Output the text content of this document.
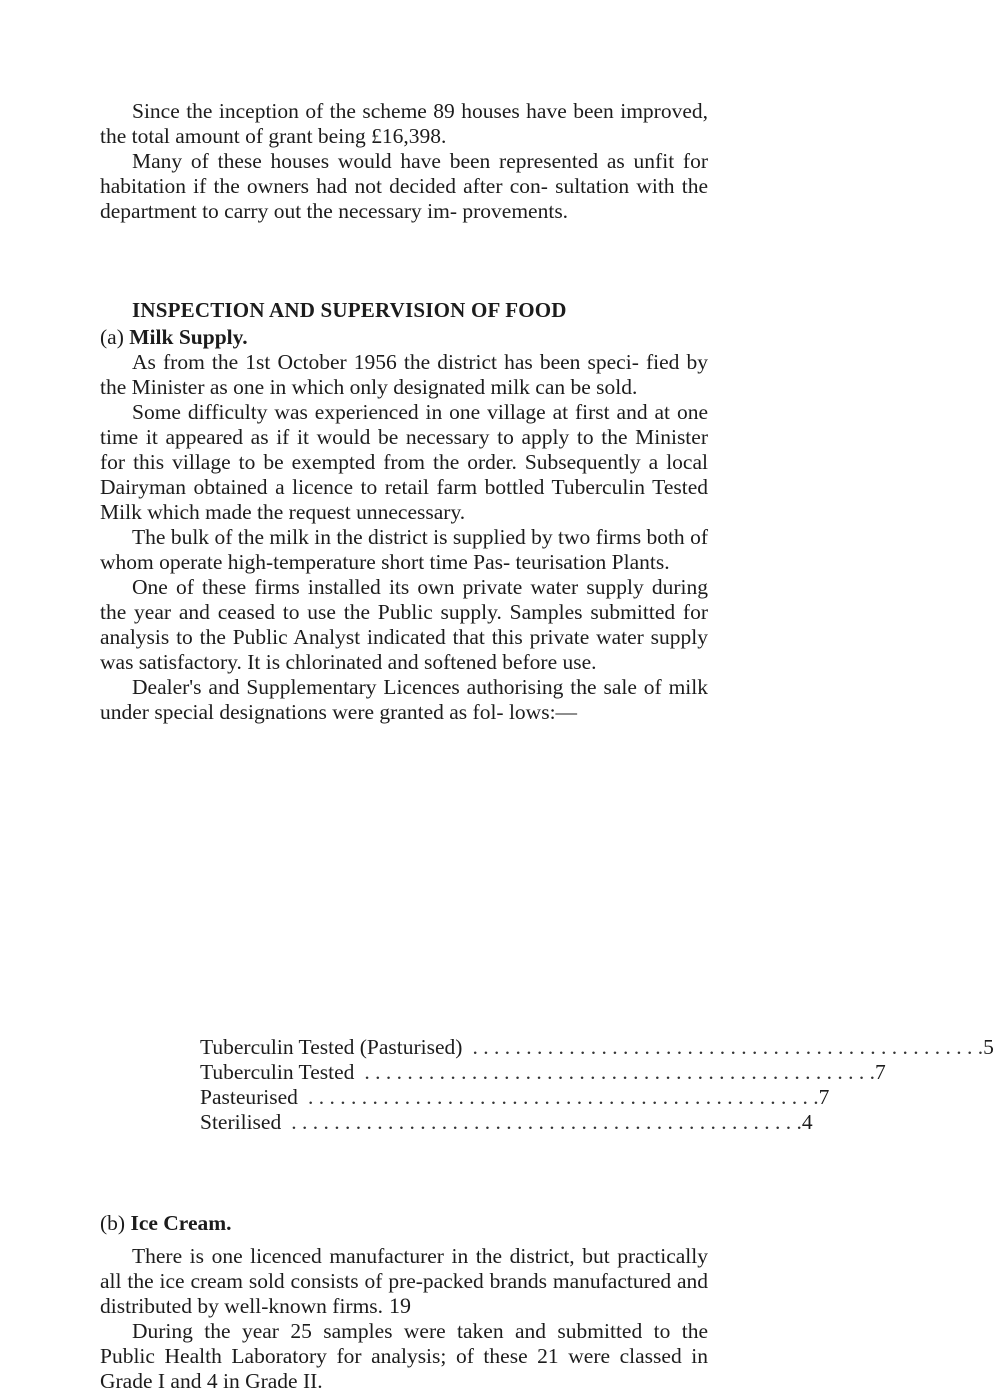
Since the inception of the scheme 89 houses have been improved, the total amount of grant being £16,398.

Many of these houses would have been represented as unfit for habitation if the owners had not decided after con- sultation with the department to carry out the necessary im- provements.

INSPECTION AND SUPERVISION OF FOOD
(a) Milk Supply.

As from the 1st October 1956 the district has been speci- fied by the Minister as one in which only designated milk can be sold.

Some difficulty was experienced in one village at first and at one time it appeared as if it would be necessary to apply to the Minister for this village to be exempted from the order. Subsequently a local Dairyman obtained a licence to retail farm bottled Tuberculin Tested Milk which made the request unnecessary.

The bulk of the milk in the district is supplied by two firms both of whom operate high-temperature short time Pas- teurisation Plants.

One of these firms installed its own private water supply during the year and ceased to use the Public supply. Samples submitted for analysis to the Public Analyst indicated that this private water supply was satisfactory. It is chlorinated and softened before use.

Dealer's and Supplementary Licences authorising the sale of milk under special designations were granted as fol- lows:—

Tuberculin Tested (Pasturised) . . . . . . . . . . . . . . . . . . . . . . . . . . . . . . . . . . . . . . . . . . . . . . . . 5
Tuberculin Tested . . . . . . . . . . . . . . . . . . . . . . . . . . . . . . . . . . . . . . . . . . . . . . . . 7
Pasteurised . . . . . . . . . . . . . . . . . . . . . . . . . . . . . . . . . . . . . . . . . . . . . . . . 7
Sterilised . . . . . . . . . . . . . . . . . . . . . . . . . . . . . . . . . . . . . . . . . . . . . . . . 4
(b) Ice Cream.

There is one licenced manufacturer in the district, but practically all the ice cream sold consists of pre-packed brands manufactured and distributed by well-known firms.

During the year 25 samples were taken and submitted to the Public Health Laboratory for analysis; of these 21 were classed in Grade I and 4 in Grade II.

19
